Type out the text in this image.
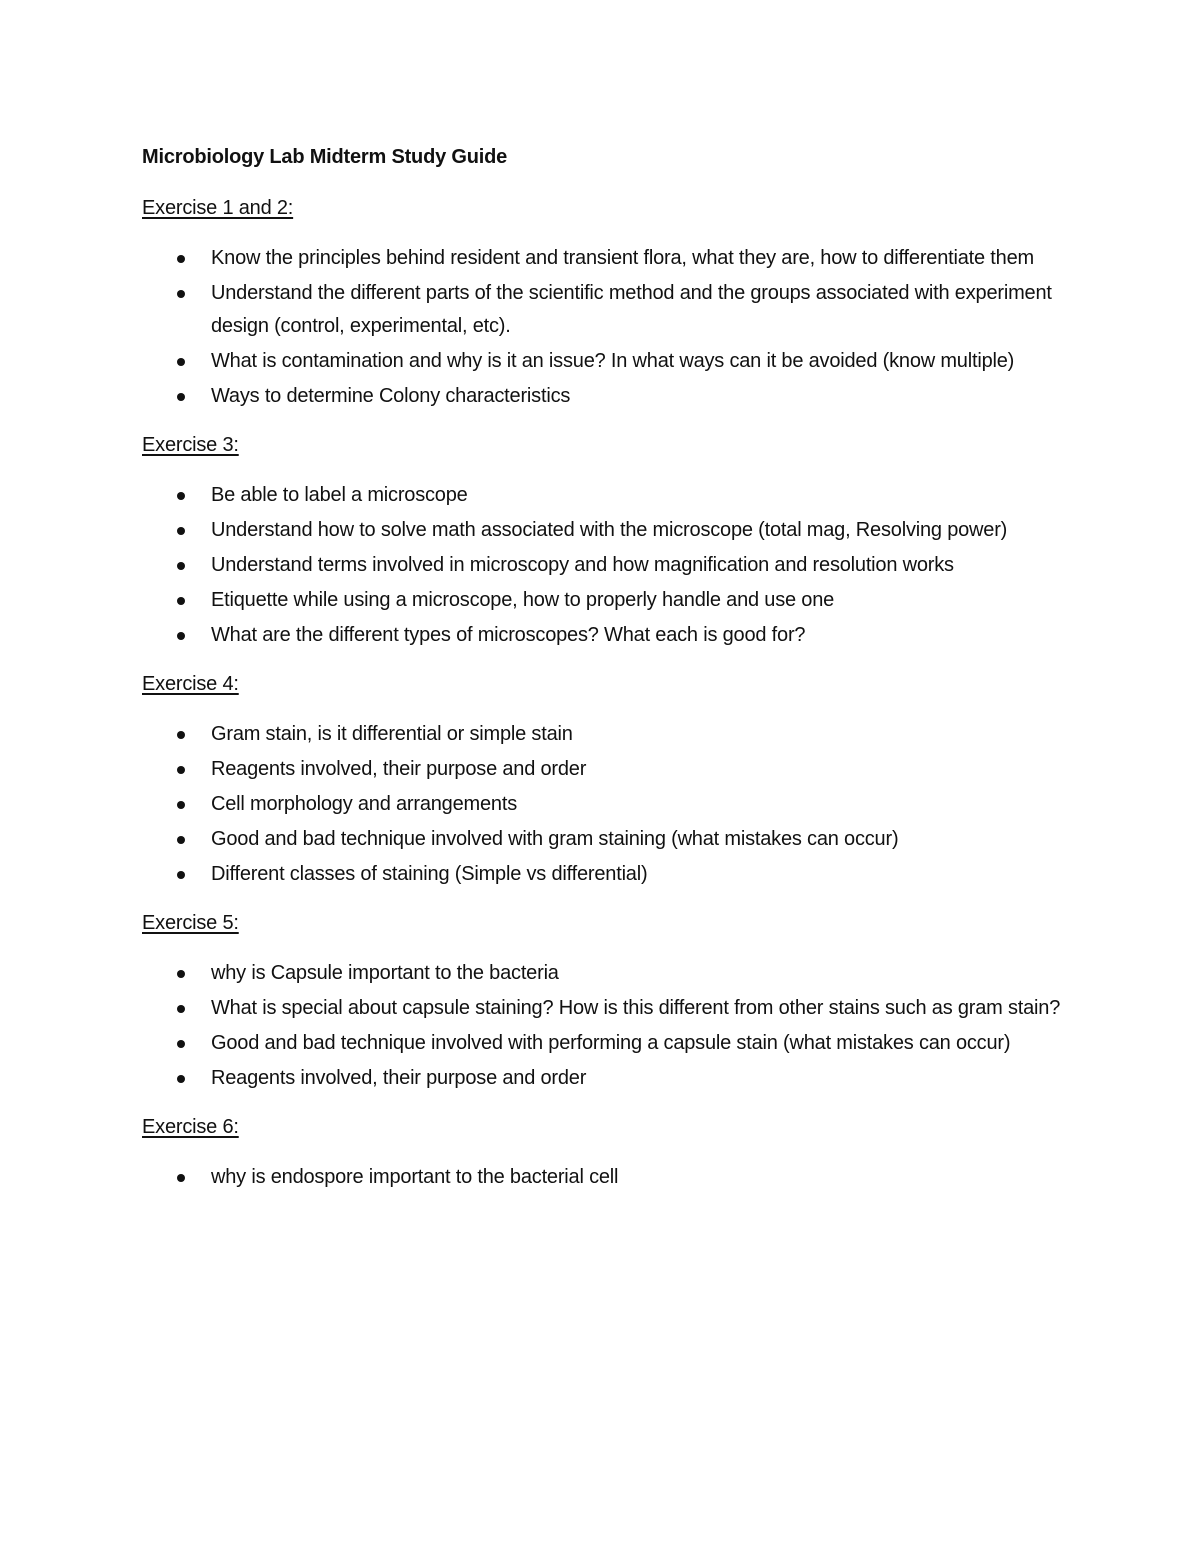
Microbiology Lab Midterm Study Guide
Exercise 1 and 2:
Know the principles behind resident and transient flora, what they are, how to differentiate them
Understand the different parts of the scientific method and the groups associated with experiment design (control, experimental, etc).
What is contamination and why is it an issue? In what ways can it be avoided (know multiple)
Ways to determine Colony characteristics
Exercise 3:
Be able to label a microscope
Understand how to solve math associated with the microscope (total mag, Resolving power)
Understand terms involved in microscopy and how magnification and resolution works
Etiquette while using a microscope, how to properly handle and use one
What are the different types of microscopes? What each is good for?
Exercise 4:
Gram stain, is it differential or simple stain
Reagents involved, their purpose and order
Cell morphology and arrangements
Good and bad technique involved with gram staining (what mistakes can occur)
Different classes of staining (Simple vs differential)
Exercise 5:
why is Capsule important to the bacteria
What is special about capsule staining? How is this different from other stains such as gram stain?
Good and bad technique involved with performing a capsule stain (what mistakes can occur)
Reagents involved, their purpose and order
Exercise 6:
why is endospore important to the bacterial cell
